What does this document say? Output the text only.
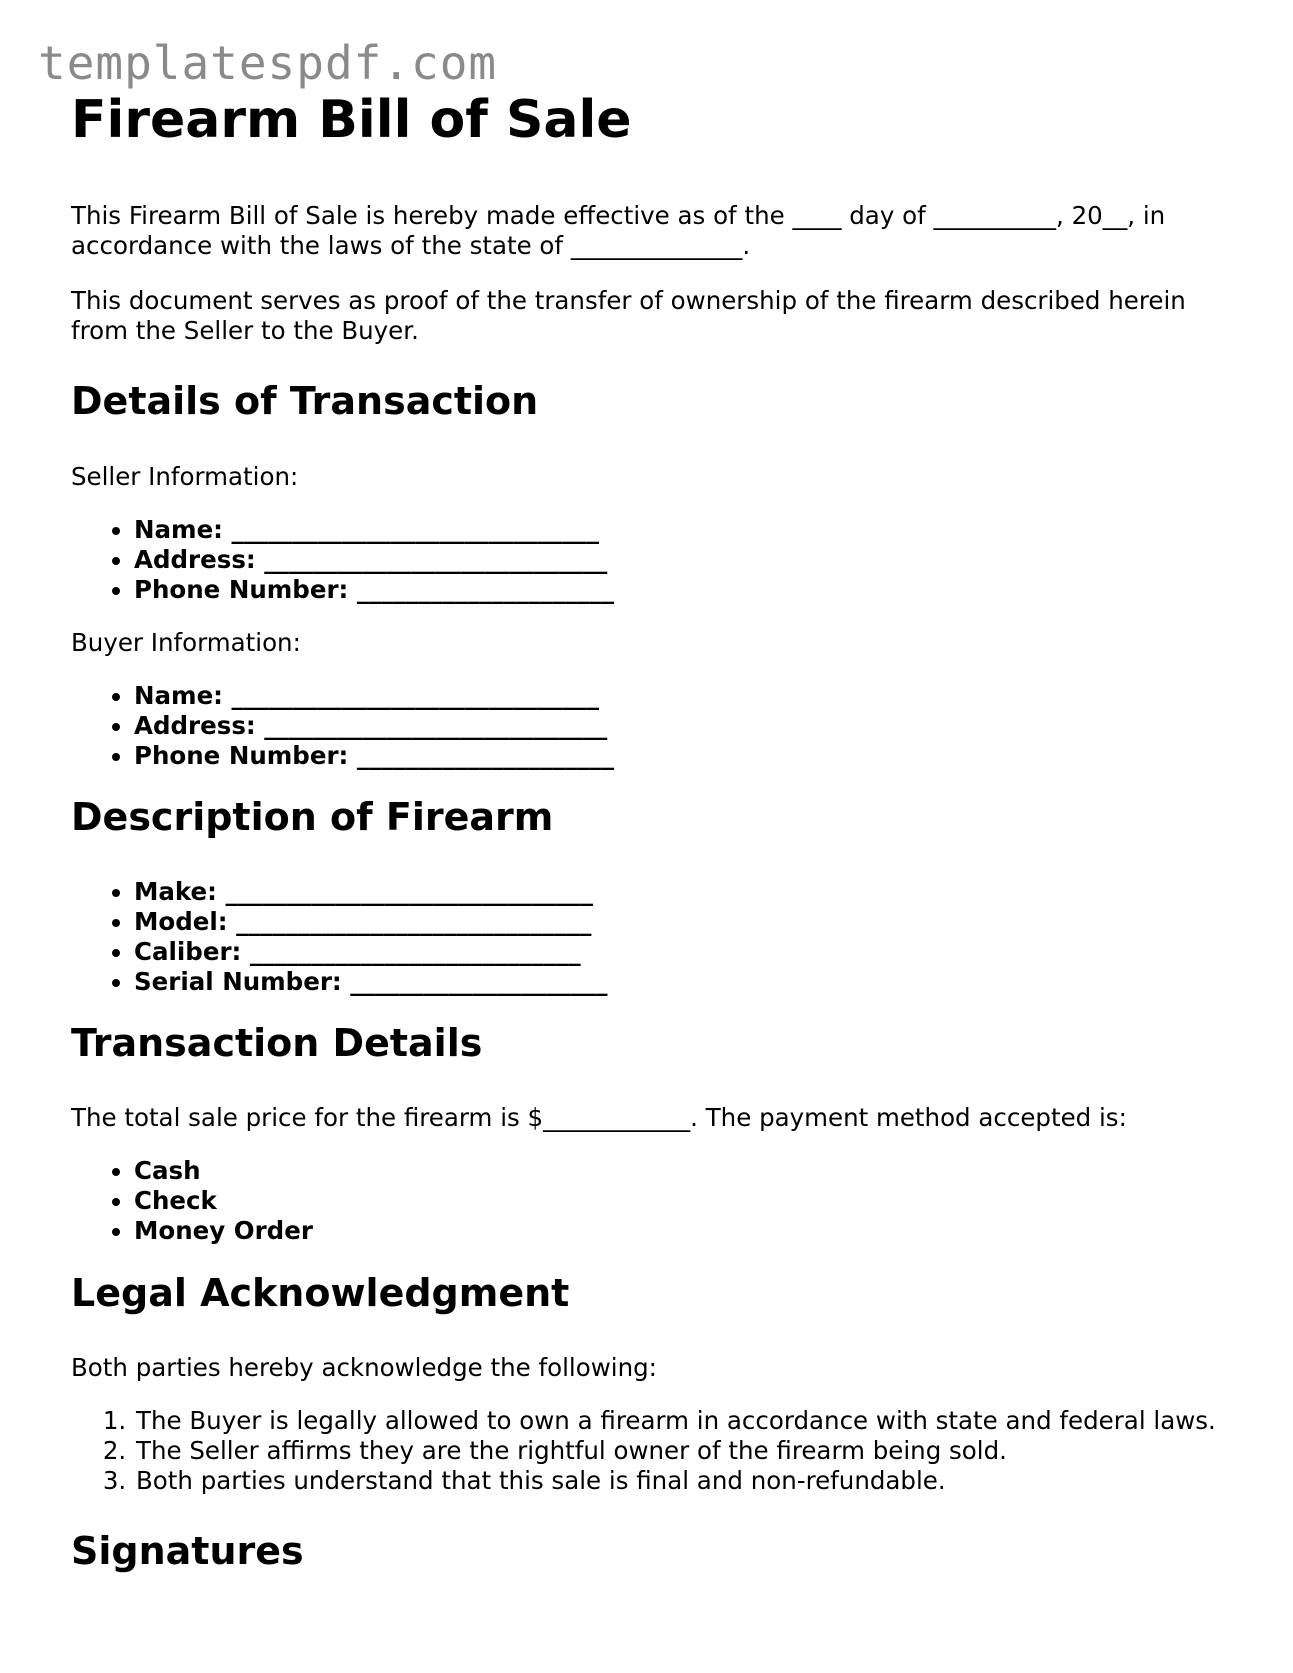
templatespdf.com
Firearm Bill of Sale

This Firearm Bill of Sale is hereby made effective as of the ____ day of __________, 20__, in accordance with the laws of the state of ______________.

This document serves as proof of the transfer of ownership of the firearm described herein from the Seller to the Buyer.

Details of Transaction

Seller Information:

• Name: ______________________________
• Address: ____________________________
• Phone Number: _____________________

Buyer Information:

• Name: ______________________________
• Address: ____________________________
• Phone Number: _____________________
Description of Firearm
• Make: ______________________________
• Model: _____________________________
• Caliber: ___________________________
• Serial Number: _____________________
Transaction Details

The total sale price for the firearm is $____________. The payment method accepted is:

• Cash
• Check
• Money Order
Legal Acknowledgment

Both parties hereby acknowledge the following:

1. The Buyer is legally allowed to own a firearm in accordance with state and federal laws.
2. The Seller affirms they are the rightful owner of the firearm being sold.
3. Both parties understand that this sale is final and non-refundable.
Signatures
